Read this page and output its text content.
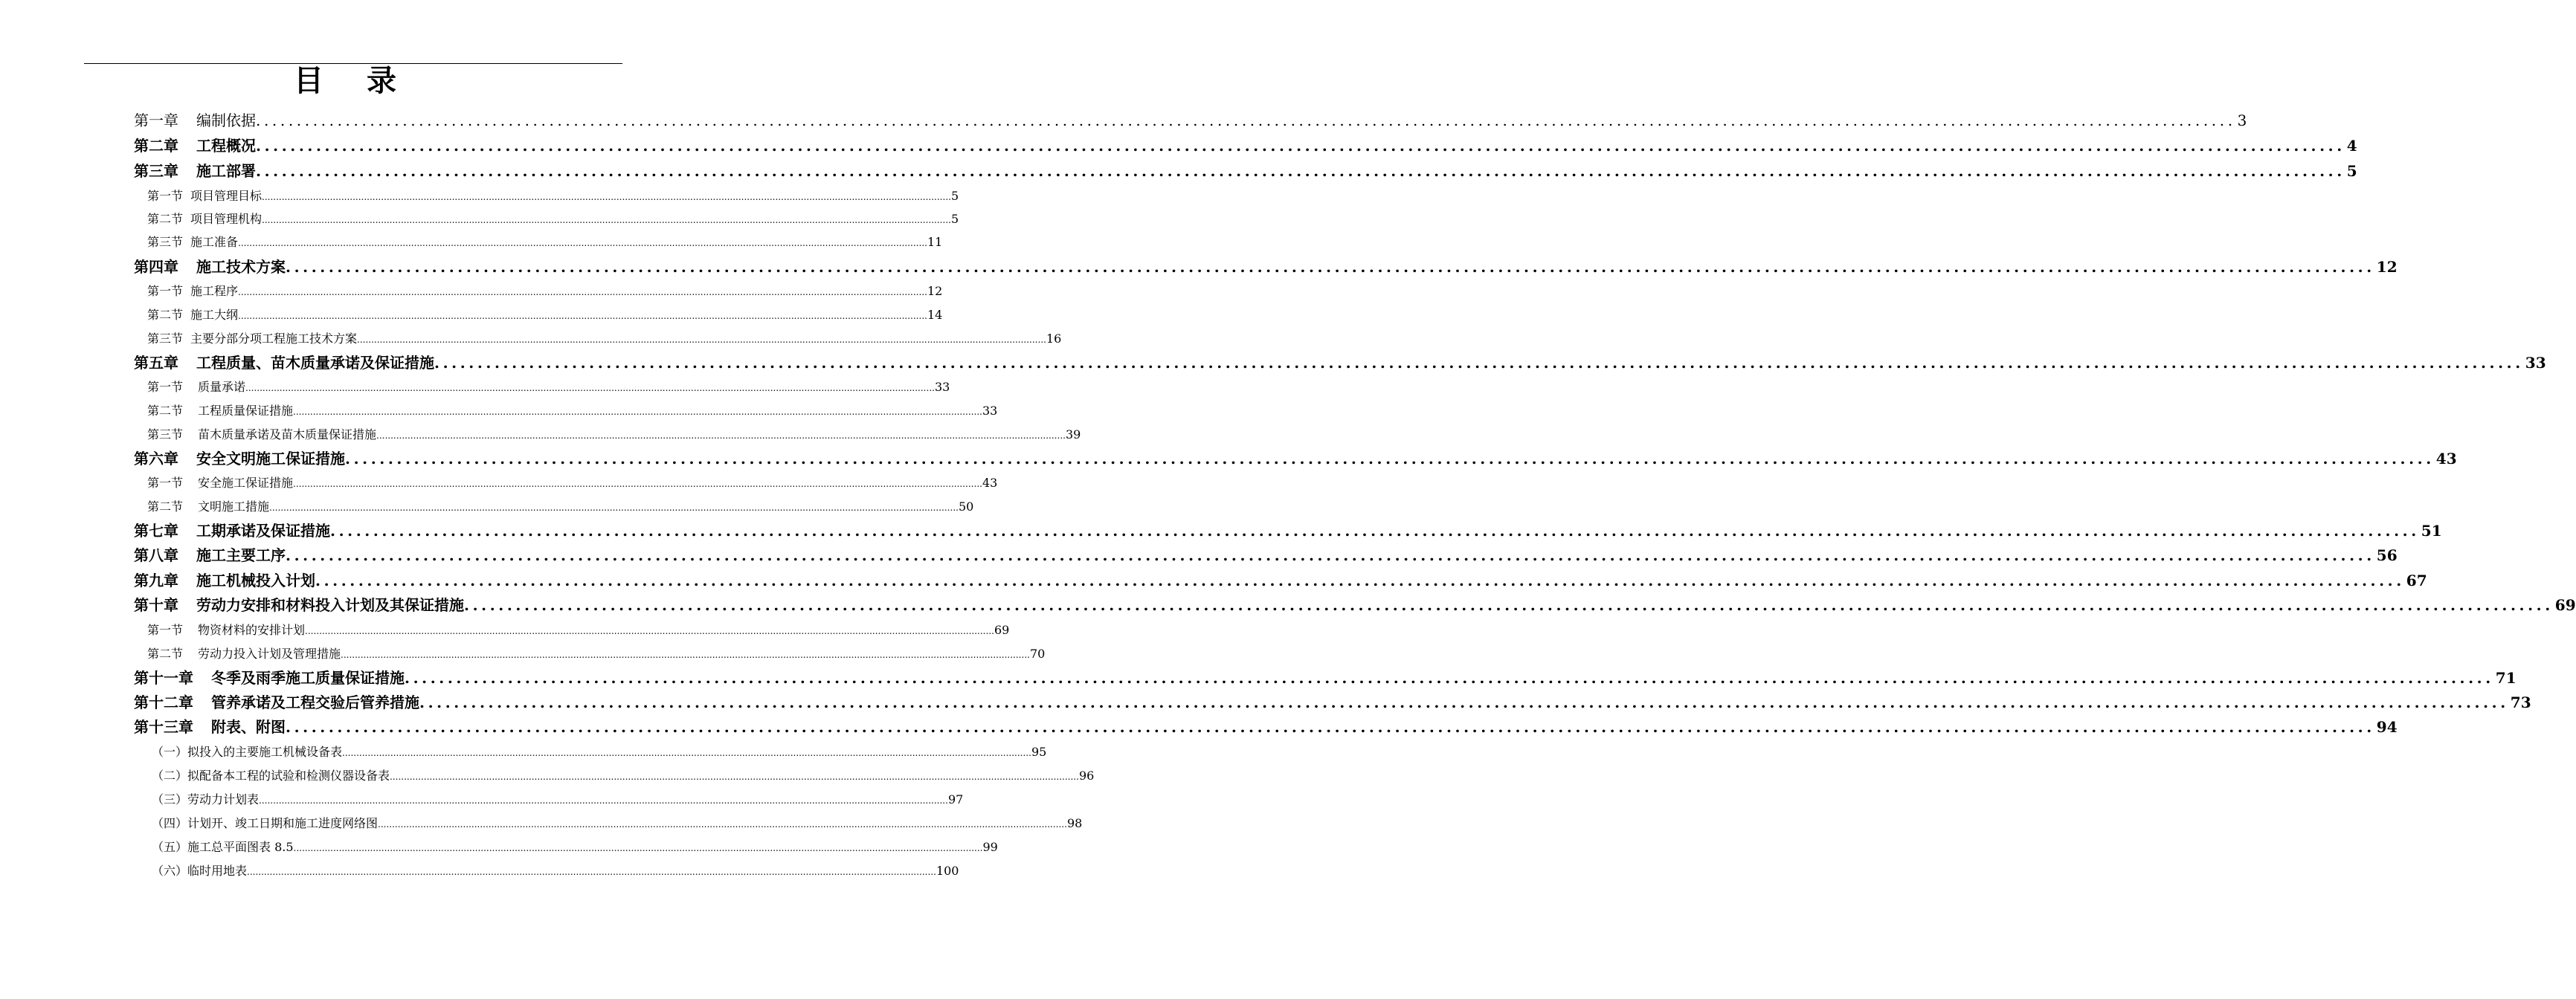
目 录
第一章 编制依据 ................................................................................................................................................................................................................................................... 3
第二章 工程概况 ................................................................................................................................................................................................................................................... 4
第三章 施工部署 ................................................................................................................................................................................................................................................... 5
第一节 项目管理目标 ................................................................................................................................................................................................................................................... 5
第二节 项目管理机构 ................................................................................................................................................................................................................................................... 5
第三节 施工准备 ................................................................................................................................................................................................................................................... 11
第四章 施工技术方案 ................................................................................................................................................................................................................................................... 12
第一节 施工程序 ................................................................................................................................................................................................................................................... 12
第二节 施工大纲 ................................................................................................................................................................................................................................................... 14
第三节 主要分部分项工程施工技术方案 ................................................................................................................................................................................................................................................... 16
第五章 工程质量、苗木质量承诺及保证措施 ................................................................................................................................................................................................................................................... 33
第一节 质量承诺 ................................................................................................................................................................................................................................................... 33
第二节 工程质量保证措施 ................................................................................................................................................................................................................................................... 33
第三节 苗木质量承诺及苗木质量保证措施 ................................................................................................................................................................................................................................................... 39
第六章 安全文明施工保证措施 ................................................................................................................................................................................................................................................... 43
第一节 安全施工保证措施 ................................................................................................................................................................................................................................................... 43
第二节 文明施工措施 ................................................................................................................................................................................................................................................... 50
第七章 工期承诺及保证措施 ................................................................................................................................................................................................................................................... 51
第八章 施工主要工序 ................................................................................................................................................................................................................................................... 56
第九章 施工机械投入计划 ................................................................................................................................................................................................................................................... 67
第十章 劳动力安排和材料投入计划及其保证措施 ................................................................................................................................................................................................................................................... 69
第一节 物资材料的安排计划 ................................................................................................................................................................................................................................................... 69
第二节 劳动力投入计划及管理措施 ................................................................................................................................................................................................................................................... 70
第十一章 冬季及雨季施工质量保证措施 ................................................................................................................................................................................................................................................... 71
第十二章 管养承诺及工程交验后管养措施 ................................................................................................................................................................................................................................................... 73
第十三章 附表、附图 ................................................................................................................................................................................................................................................... 94
（一）拟投入的主要施工机械设备表 ................................................................................................................................................................................................................................................... 95
（二）拟配备本工程的试验和检测仪器设备表 ................................................................................................................................................................................................................................................... 96
（三）劳动力计划表 ................................................................................................................................................................................................................................................... 97
（四）计划开、竣工日期和施工进度网络图 ................................................................................................................................................................................................................................................... 98
（五）施工总平面图表 8.5 ................................................................................................................................................................................................................................................... 99
（六）临时用地表 ................................................................................................................................................................................................................................................... 100
